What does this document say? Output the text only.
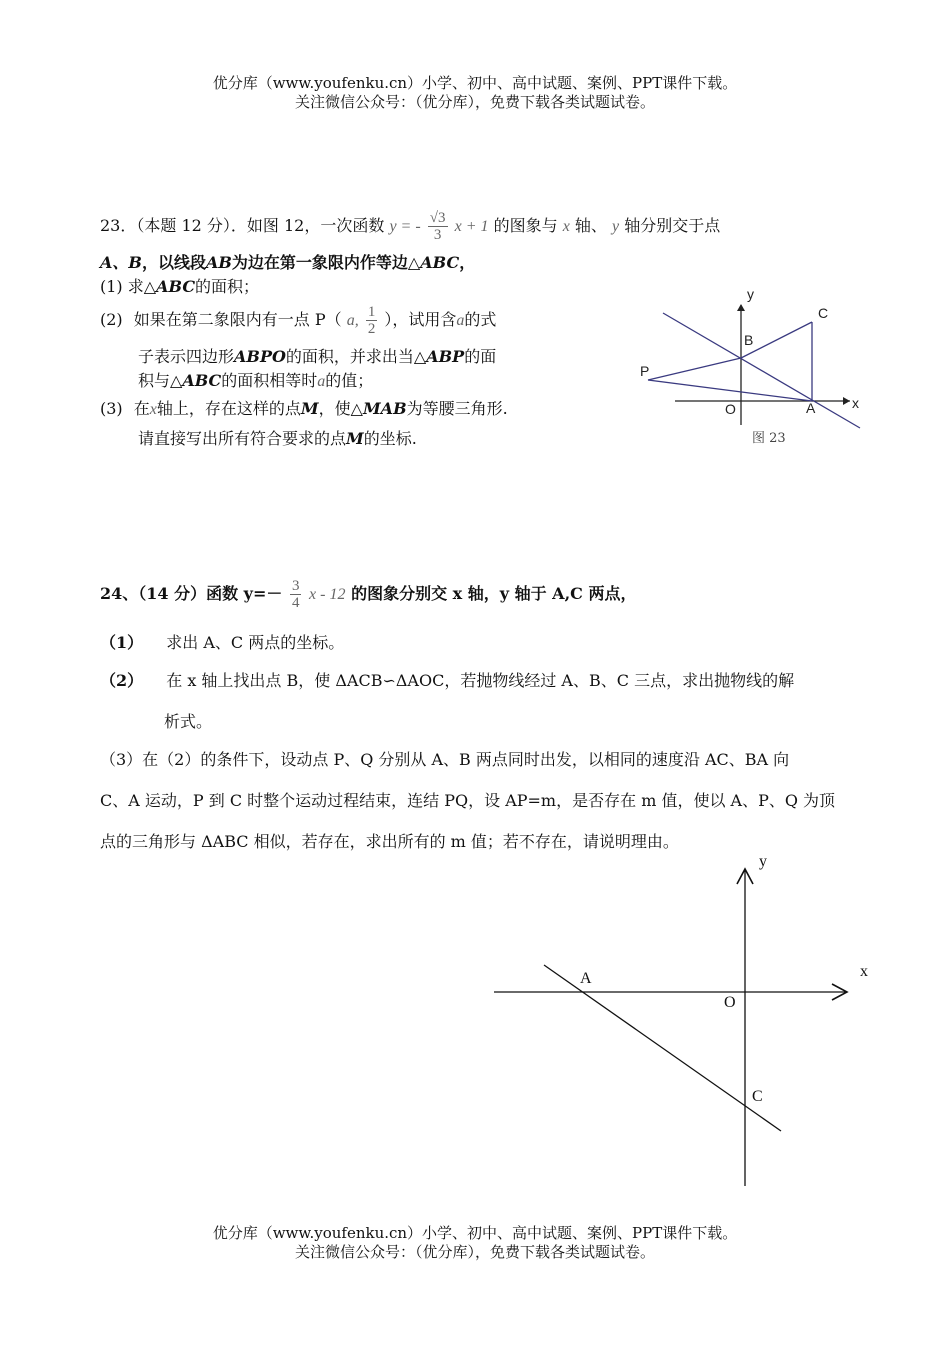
优分库（www.youfenku.cn）小学、初中、高中试题、案例、PPT课件下载。
关注微信公众号：（优分库），免费下载各类试题试卷。
23．（本题 12 分）．如图 12，一次函数 y = - $\frac{√3}{3}$ x + 1 的图象与 x 轴、 y 轴分别交于点
A、B，以线段AB为边在第一象限内作等边△ABC，
(1) 求△ABC的面积；
(2) 如果在第二象限内有一点 P（ a, $\frac{1}{2}$ ），试用含a的式
子表示四边形ABPO的面积，并求出当△ABP的面
积与△ABC的面积相等时a的值；
(3) 在x轴上，存在这样的点M，使△MAB为等腰三角形.
请直接写出所有符合要求的点M的坐标.
y
x
C
B
P
O	A
图 23
24、（14 分）函数 $y=- \frac{3}{4}$ x - 12 的图象分别交 x 轴，y 轴于 A,C 两点，
（1） 求出 A、C 两点的坐标。
（2） 在 x 轴上找出点 B，使 ΔACB∽ΔAOC，若抛物线经过 A、B、C 三点，求出抛物线的解
析式。
（3）在（2）的条件下，设动点 P、Q 分别从 A、B 两点同时出发，以相同的速度沿 AC、BA 向
C、A 运动，P 到 C 时整个运动过程结束，连结 PQ，设 AP=m，是否存在 m 值，使以 A、P、Q 为顶
点的三角形与 ΔABC 相似，若存在，求出所有的 m 值；若不存在，请说明理由。
y
x
A
O
C
优分库（www.youfenku.cn）小学、初中、高中试题、案例、PPT课件下载。
关注微信公众号：（优分库），免费下载各类试题试卷。
